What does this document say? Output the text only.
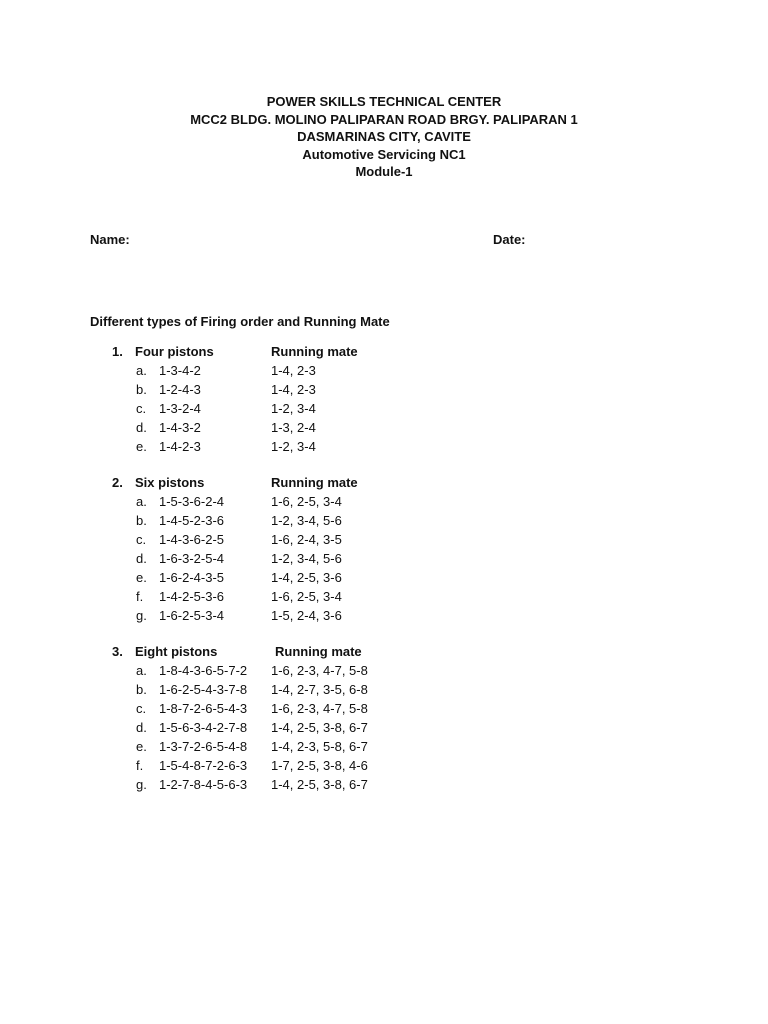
POWER SKILLS TECHNICAL CENTER
MCC2 BLDG. MOLINO PALIPARAN ROAD BRGY. PALIPARAN 1
DASMARINAS CITY, CAVITE
Automotive Servicing NC1
Module-1
Name:	Date:
Different types of Firing order and Running Mate
1. Four pistons	Running mate
a. 1-3-4-2	1-4, 2-3
b. 1-2-4-3	1-4, 2-3
c. 1-3-2-4	1-2, 3-4
d. 1-4-3-2	1-3, 2-4
e. 1-4-2-3	1-2, 3-4
2. Six pistons	Running mate
a. 1-5-3-6-2-4	1-6, 2-5, 3-4
b. 1-4-5-2-3-6	1-2, 3-4, 5-6
c. 1-4-3-6-2-5	1-6, 2-4, 3-5
d. 1-6-3-2-5-4	1-2, 3-4, 5-6
e. 1-6-2-4-3-5	1-4, 2-5, 3-6
f. 1-4-2-5-3-6	1-6, 2-5, 3-4
g. 1-6-2-5-3-4	1-5, 2-4, 3-6
3. Eight pistons	Running mate
a. 1-8-4-3-6-5-7-2 1-6, 2-3, 4-7, 5-8
b. 1-6-2-5-4-3-7-8 1-4, 2-7, 3-5, 6-8
c. 1-8-7-2-6-5-4-3 1-6, 2-3, 4-7, 5-8
d. 1-5-6-3-4-2-7-8 1-4, 2-5, 3-8, 6-7
e. 1-3-7-2-6-5-4-8 1-4, 2-3, 5-8, 6-7
f. 1-5-4-8-7-2-6-3 1-7, 2-5, 3-8, 4-6
g. 1-2-7-8-4-5-6-3 1-4, 2-5, 3-8, 6-7
